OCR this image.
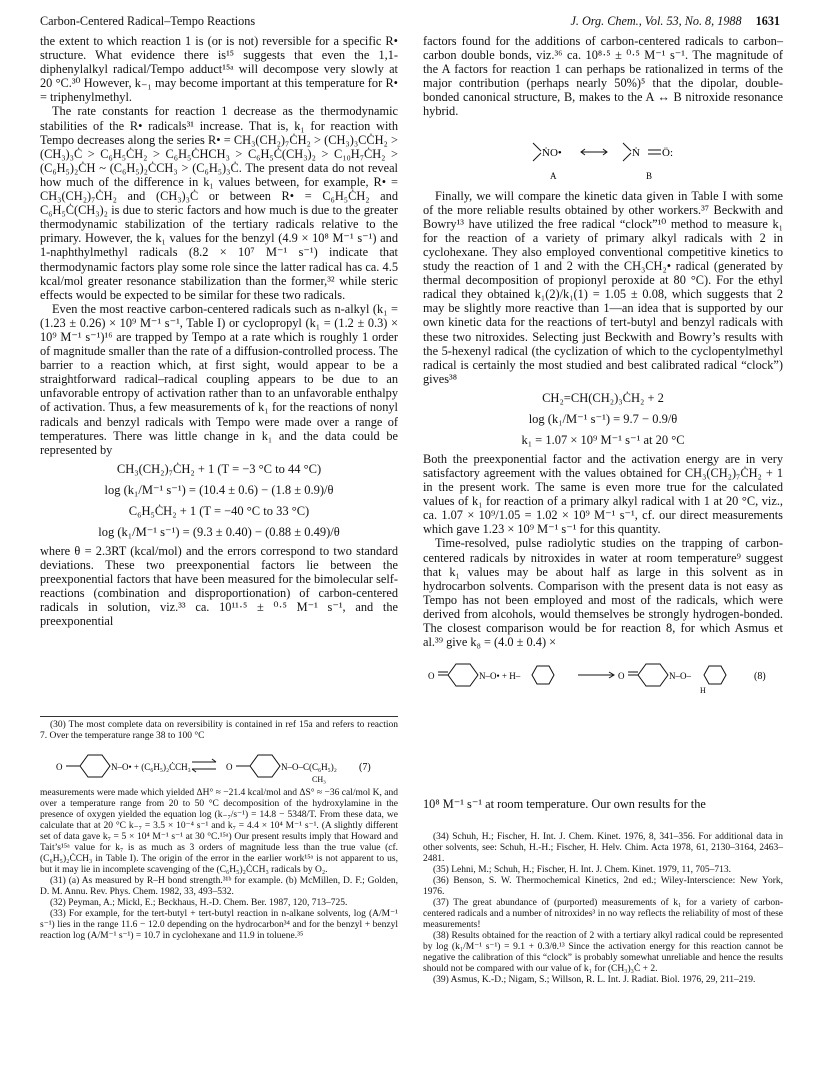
Carbon-Centered Radical–Tempo Reactions	J. Org. Chem., Vol. 53, No. 8, 1988 1631

the extent to which reaction 1 is (or is not) reversible for a specific R• structure. What evidence there is¹⁵ suggests that even the 1,1-diphenylalkyl radical/Tempo adduct¹⁵ᵃ will decompose very slowly at 20 °C.³⁰ However, k₋₁ may become important at this temperature for R• = triphenylmethyl.

The rate constants for reaction 1 decrease as the thermodynamic stabilities of the R• radicals³¹ increase. That is, k₁ for reaction with Tempo decreases along the series R• = CH₃(CH₂)₇ĊH₂ > (CH₃)₃CĊH₂ > (CH₃)₃Ċ > C₆H₅ĊH₂ > C₆H₅ĊHCH₃ > C₆H₅Ċ(CH₃)₂ > C₁₀H₇ĊH₂ > (C₆H₅)₂ĊH ~ (C₆H₅)₂ĊCH₃ > (C₆H₅)₃Ċ. The present data do not reveal how much of the difference in k₁ values between, for example, R• = CH₃(CH₂)₇ĊH₂ and (CH₃)₃Ċ or between R• = C₆H₅ĊH₂ and C₆H₅Ċ(CH₃)₂ is due to steric factors and how much is due to the greater thermodynamic stabilization of the tertiary radicals relative to the primary. However, the k₁ values for the benzyl (4.9 × 10⁸ M⁻¹ s⁻¹) and 1-naphthylmethyl radicals (8.2 × 10⁷ M⁻¹ s⁻¹) indicate that thermodynamic factors play some role since the latter radical has ca. 4.5 kcal/mol greater resonance stabilization than the former,³² while steric effects would be expected to be similar for these two radicals.

Even the most reactive carbon-centered radicals such as n-alkyl (k₁ = (1.23 ± 0.26) × 10⁹ M⁻¹ s⁻¹, Table I) or cyclopropyl (k₁ = (1.2 ± 0.3) × 10⁹ M⁻¹ s⁻¹)¹⁶ are trapped by Tempo at a rate which is roughly 1 order of magnitude smaller than the rate of a diffusion-controlled process. The barrier to a reaction which, at first sight, would appear to be a straightforward radical–radical coupling appears to be due to an unfavorable entropy of activation rather than to an unfavorable enthalpy of activation. Thus, a few measurements of k₁ for the reactions of nonyl radicals and benzyl radicals with Tempo were made over a range of temperatures. There was little change in k₁ and the data could be represented by

CH₃(CH₂)₇ĊH₂ + 1 (T = −3 °C to 44 °C)
log (k₁/M⁻¹ s⁻¹) = (10.4 ± 0.6) − (1.8 ± 0.9)/θ
C₆H₅ĊH₂ + 1 (T = −40 °C to 33 °C)
log (k₁/M⁻¹ s⁻¹) = (9.3 ± 0.40) − (0.88 ± 0.49)/θ

where θ = 2.3RT (kcal/mol) and the errors correspond to two standard deviations. These two preexponential factors lie between the preexponential factors that have been measured for the bimolecular self-reactions (combination and disproportionation) of carbon-centered radicals in solution, viz.³³ ca. 10¹¹·⁵ ± ⁰·⁵ M⁻¹ s⁻¹, and the preexponential

(30) The most complete data on reversibility is contained in ref 15a and refers to reaction 7. Over the temperature range 38 to 100 °C

O	N–O• + (C₆H₅)₂ĊCH₃	O	N–O–C(C₆H₅)₂
CH₃
(7)

measurements were made which yielded ΔH° ≈ −21.4 kcal/mol and ΔS° ≈ −36 cal/mol K, and over a temperature range from 20 to 50 °C decomposition of the hydroxylamine in the presence of oxygen yielded the equation log (k₋₇/s⁻¹) = 14.8 − 5348/T. From these data, we calculate that at 20 °C k₋₇ = 3.5 × 10⁻⁴ s⁻¹ and k₇ = 4.4 × 10⁴ M⁻¹ s⁻¹. (A slightly different set of data gave k₇ = 5 × 10⁴ M⁻¹ s⁻¹ at 30 °C.¹⁵ᵃ) Our present results imply that Howard and Tait’s¹⁵ᵃ value for k₇ is as much as 3 orders of magnitude less than the true value (cf. (C₆H₅)₂ĊCH₃ in Table I). The origin of the error in the earlier work¹⁵ᵃ is not apparent to us, but it may lie in incomplete scavenging of the (C₆H₅)₂ĊCH₃ radicals by O₂.

(31) (a) As measured by R–H bond strength.³¹ᵇ for example. (b) McMillen, D. F.; Golden, D. M. Annu. Rev. Phys. Chem. 1982, 33, 493–532.

(32) Peyman, A.; Mickl, E.; Beckhaus, H.-D. Chem. Ber. 1987, 120, 713–725.

(33) For example, for the tert-butyl + tert-butyl reaction in n-alkane solvents, log (A/M⁻¹ s⁻¹) lies in the range 11.6 − 12.0 depending on the hydrocarbon³⁴ and for the benzyl + benzyl reaction log (A/M⁻¹ s⁻¹) = 10.7 in cyclohexane and 11.9 in toluene.³⁵

factors found for the additions of carbon-centered radicals to carbon–carbon double bonds, viz.³⁶ ca. 10⁸·⁵ ± ⁰·⁵ M⁻¹ s⁻¹. The magnitude of the A factors for reaction 1 can perhaps be rationalized in terms of the major contribution (perhaps nearly 50%)⁵ that the dipolar, double-bonded canonical structure, B, makes to the A ↔ B nitroxide resonance hybrid.

ṄO•	Ṅ Ö:
A	B

Finally, we will compare the kinetic data given in Table I with some of the more reliable results obtained by other workers.³⁷ Beckwith and Bowry¹³ have utilized the free radical “clock”¹⁰ method to measure k₁ for the reaction of a variety of primary alkyl radicals with 2 in cyclohexane. They also employed conventional competitive kinetics to study the reaction of 1 and 2 with the CH₃CH₂• radical (generated by thermal decomposition of propionyl peroxide at 80 °C). For the ethyl radical they obtained k₁(2)/k₁(1) = 1.05 ± 0.08, which suggests that 2 may be slightly more reactive than 1—an idea that is supported by our own kinetic data for the reactions of tert-butyl and benzyl radicals with these two nitroxides. Selecting just Beckwith and Bowry’s results with the 5-hexenyl radical (the cyclization of which to the cyclopentylmethyl radical is certainly the most studied and best calibrated radical “clock”) gives³⁸

CH₂=CH(CH₂)₃ĊH₂ + 2
log (k₁/M⁻¹ s⁻¹) = 9.7 − 0.9/θ
k₁ = 1.07 × 10⁹ M⁻¹ s⁻¹ at 20 °C

Both the preexponential factor and the activation energy are in very satisfactory agreement with the values obtained for CH₃(CH₂)₇ĊH₂ + 1 in the present work. The same is even more true for the calculated values of k₁ for reaction of a primary alkyl radical with 1 at 20 °C, viz., ca. 1.07 × 10⁹/1.05 = 1.02 × 10⁹ M⁻¹ s⁻¹, cf. our direct measurements which gave 1.23 × 10⁹ M⁻¹ s⁻¹ for this quantity.

Time-resolved, pulse radiolytic studies on the trapping of carbon-centered radicals by nitroxides in water at room temperature⁹ suggest that k₁ values may be about half as large in this solvent as in hydrocarbon solvents. Comparison with the present data is not easy as Tempo has not been employed and most of the radicals, which were derived from alcohols, would themselves be strongly hydrogen-bonded. The closest comparison would be for reaction 8, for which Asmus et al.³⁹ give k₈ = (4.0 ± 0.4) ×

O	N–O• + H–	O	N–O–
H
(8)
10⁸ M⁻¹ s⁻¹ at room temperature. Our own results for the

(34) Schuh, H.; Fischer, H. Int. J. Chem. Kinet. 1976, 8, 341–356. For additional data in other solvents, see: Schuh, H.-H.; Fischer, H. Helv. Chim. Acta 1978, 61, 2130–3164, 2463–2481.

(35) Lehni, M.; Schuh, H.; Fischer, H. Int. J. Chem. Kinet. 1979, 11, 705–713.

(36) Benson, S. W. Thermochemical Kinetics, 2nd ed.; Wiley-Interscience: New York, 1976.

(37) The great abundance of (purported) measurements of k₁ for a variety of carbon-centered radicals and a number of nitroxides³ in no way reflects the reliability of most of these measurements!

(38) Results obtained for the reaction of 2 with a tertiary alkyl radical could be represented by log (k₁/M⁻¹ s⁻¹) = 9.1 + 0.3/θ.¹³ Since the activation energy for this reaction cannot be negative the calibration of this “clock” is probably somewhat unreliable and hence the results should not be compared with our value of k₁ for (CH₃)₃Ċ + 2.

(39) Asmus, K.-D.; Nigam, S.; Willson, R. L. Int. J. Radiat. Biol. 1976, 29, 211–219.
